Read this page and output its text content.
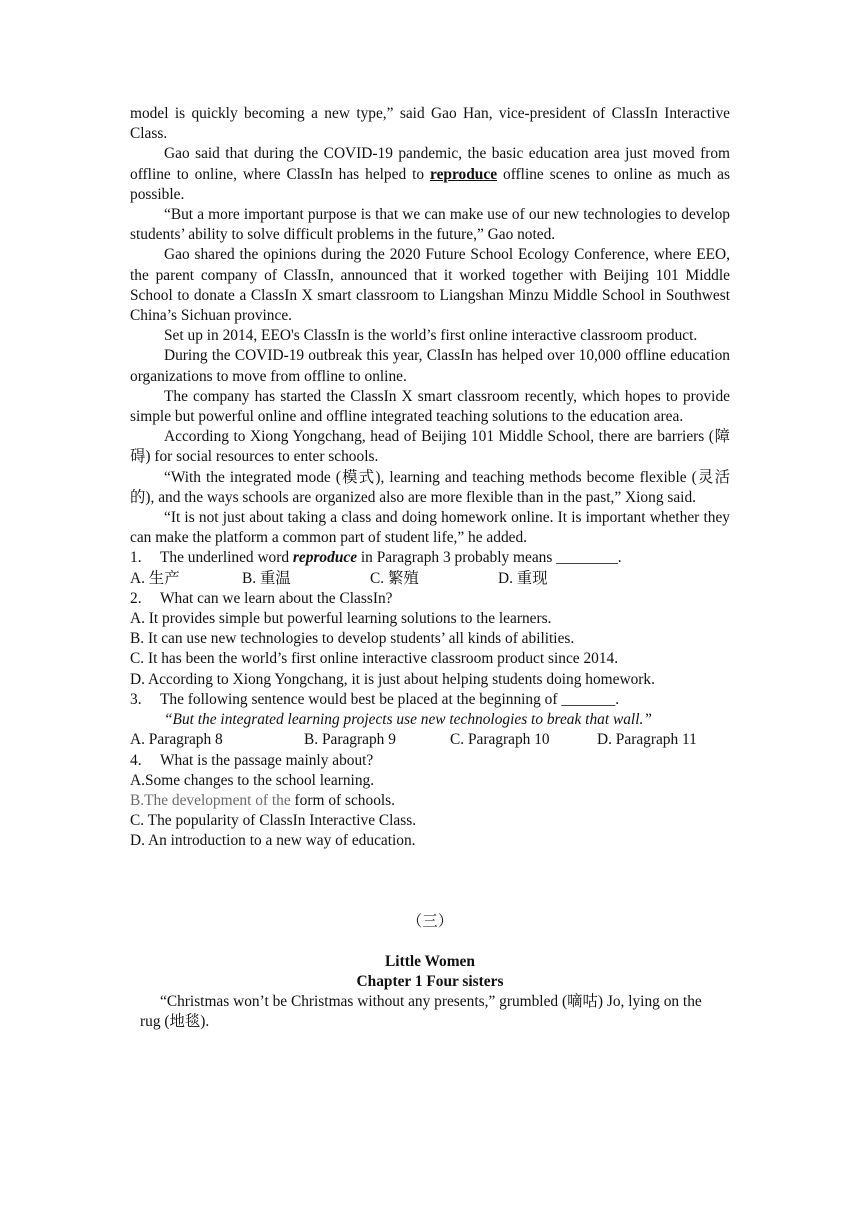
model is quickly becoming a new type,” said Gao Han, vice-president of ClassIn Interactive Class.

Gao said that during the COVID-19 pandemic, the basic education area just moved from offline to online, where ClassIn has helped to reproduce offline scenes to online as much as possible.

“But a more important purpose is that we can make use of our new technologies to develop students’ ability to solve difficult problems in the future,” Gao noted.

Gao shared the opinions during the 2020 Future School Ecology Conference, where EEO, the parent company of ClassIn, announced that it worked together with Beijing 101 Middle School to donate a ClassIn X smart classroom to Liangshan Minzu Middle School in Southwest China’s Sichuan province.

Set up in 2014, EEO's ClassIn is the world’s first online interactive classroom product.

During the COVID-19 outbreak this year, ClassIn has helped over 10,000 offline education organizations to move from offline to online.

The company has started the ClassIn X smart classroom recently, which hopes to provide simple but powerful online and offline integrated teaching solutions to the education area.

According to Xiong Yongchang, head of Beijing 101 Middle School, there are barriers (障碍) for social resources to enter schools.

“With the integrated mode (模式), learning and teaching methods become flexible (灵活的), and the ways schools are organized also are more flexible than in the past,” Xiong said.

“It is not just about taking a class and doing homework online. It is important whether they can make the platform a common part of student life,” he added.

1. The underlined word reproduce in Paragraph 3 probably means ________.

A. 生产	B. 重温	C. 繁殖	D. 重现

2. What can we learn about the ClassIn?

A. It provides simple but powerful learning solutions to the learners.

B. It can use new technologies to develop students’ all kinds of abilities.

C. It has been the world’s first online interactive classroom product since 2014.

D. According to Xiong Yongchang, it is just about helping students doing homework.

3. The following sentence would best be placed at the beginning of _______.

“But the integrated learning projects use new technologies to break that wall.”

A. Paragraph 8	B. Paragraph 9	C. Paragraph 10	D. Paragraph 11

4. What is the passage mainly about?

A.Some changes to the school learning.

B.The development of the form of schools.

C. The popularity of ClassIn Interactive Class.

D. An introduction to a new way of education.

（三）

Little Women

Chapter 1 Four sisters

“Christmas won’t be Christmas without any presents,” grumbled (嘀咕) Jo, lying on the

rug (地毯).
